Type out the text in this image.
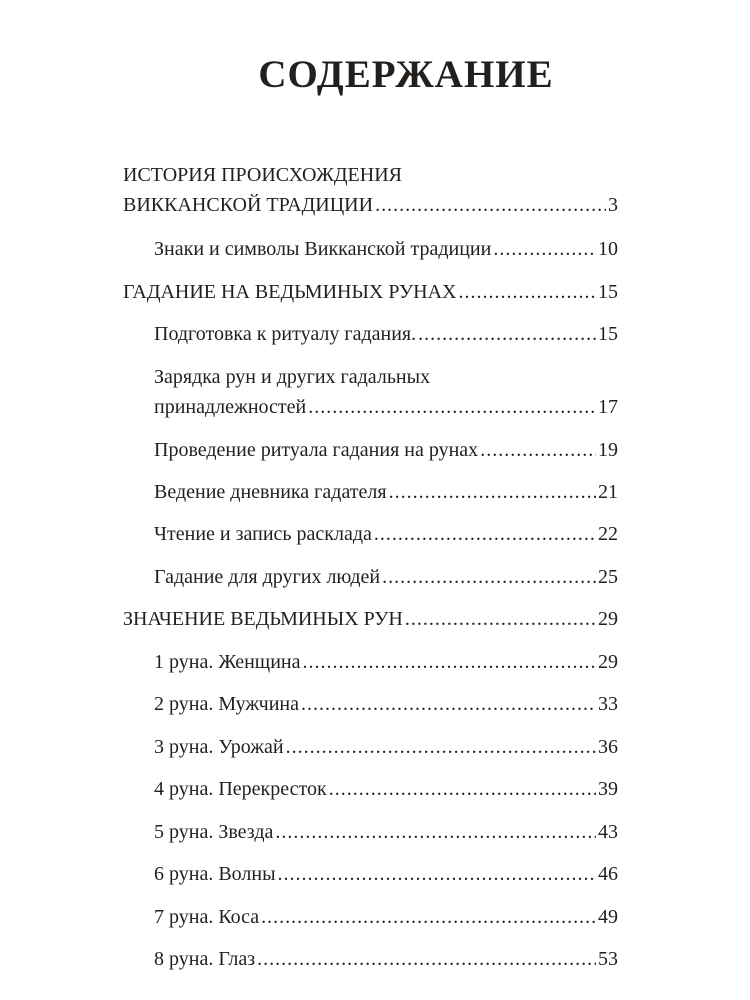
СОДЕРЖАНИЕ
ИСТОРИЯ ПРОИСХОЖДЕНИЯ
ВИККАНСКОЙ ТРАДИЦИИ .....	3
Знаки и символы Викканской традиции .....	10
ГАДАНИЕ НА ВЕДЬМИНЫХ РУНАХ .....	15
Подготовка к ритуалу гадания. .....	15
Зарядка рун и других гадальных
принадлежностей .....	17
Проведение ритуала гадания на рунах .....	19
Ведение дневника гадателя .....	21
Чтение и запись расклада .....	22
Гадание для других людей .....	25
ЗНАЧЕНИЕ ВЕДЬМИНЫХ РУН .....	29
1 руна. Женщина .....	29
2 руна. Мужчина .....	33
3 руна. Урожай .....	36
4 руна. Перекресток .....	39
5 руна. Звезда .....	43
6 руна. Волны .....	46
7 руна. Коса .....	49
8 руна. Глаз .....	53
